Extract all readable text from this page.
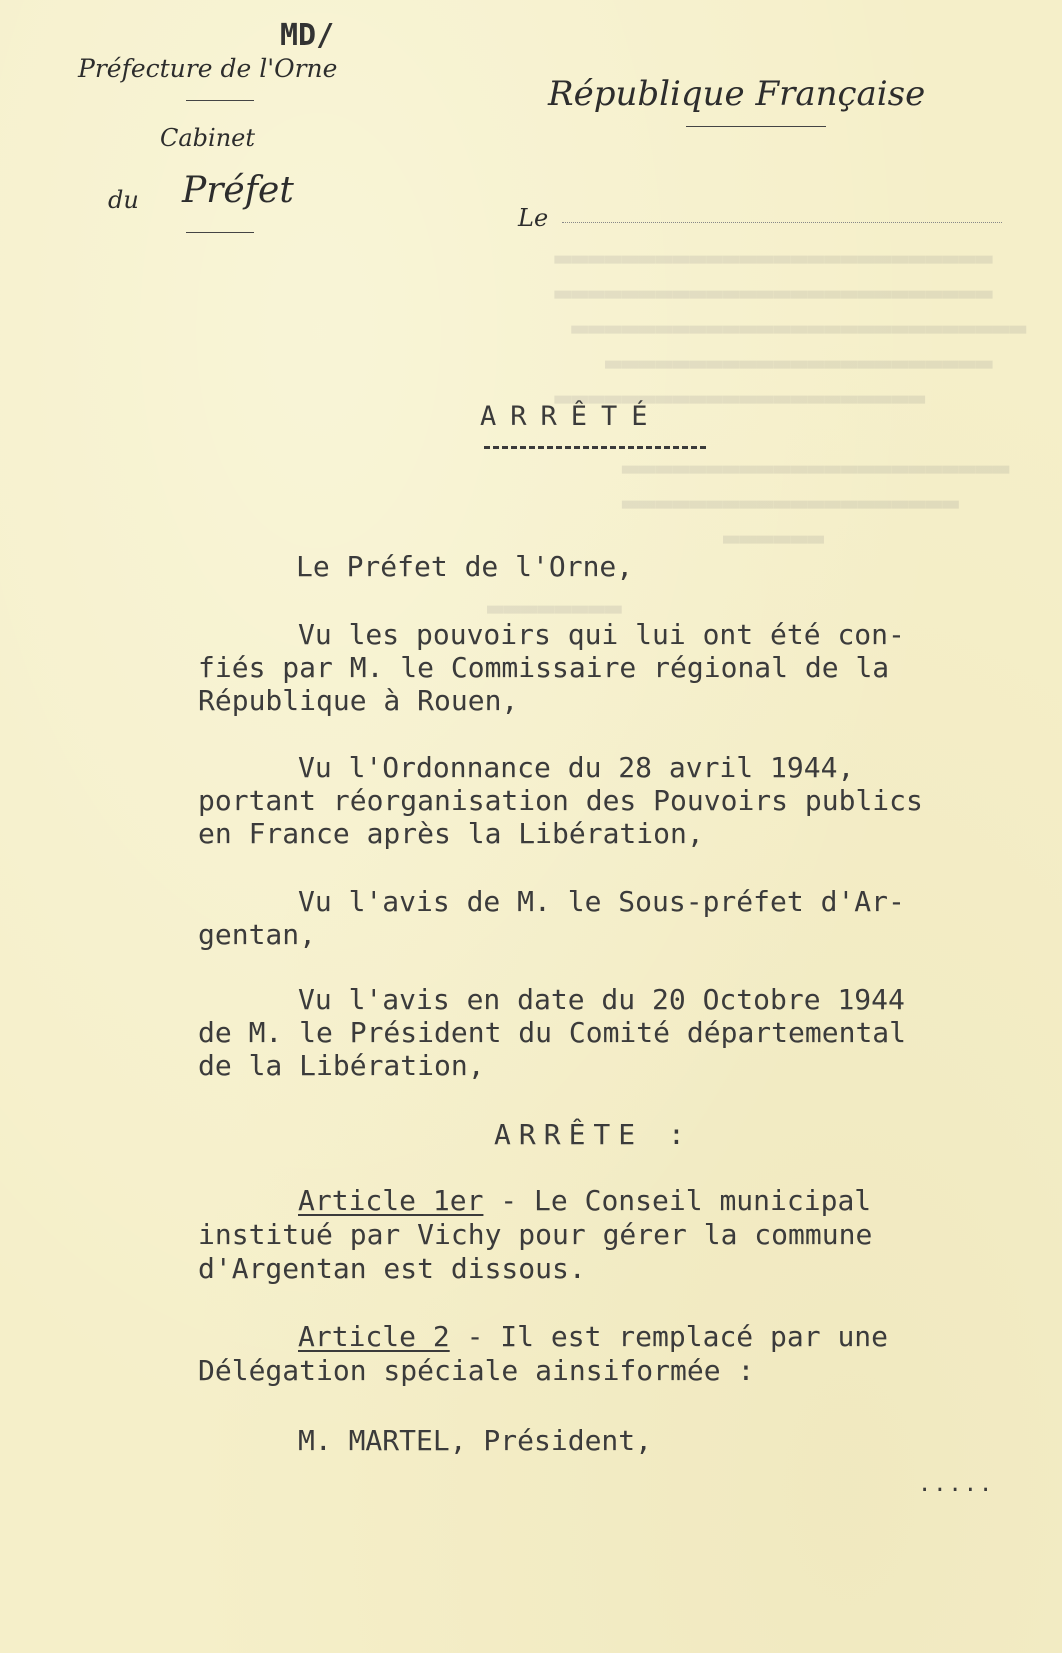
▬▬▬▬▬▬▬▬▬▬▬▬▬▬▬▬▬▬▬▬▬▬▬▬▬▬
▬▬▬▬▬▬▬▬▬▬▬▬▬▬▬▬▬▬▬▬▬▬▬▬▬▬
▬▬▬▬▬▬▬▬▬▬▬▬▬▬▬▬▬▬▬▬▬▬▬▬▬▬▬
▬▬▬▬▬▬▬▬▬▬▬▬▬▬▬▬▬▬▬▬▬▬▬
▬▬▬▬▬▬▬▬▬▬▬▬▬▬▬▬▬▬▬▬▬▬

▬▬▬▬▬▬▬▬▬▬▬▬▬▬▬▬▬▬▬▬▬▬▬
▬▬▬▬▬▬▬▬▬▬▬▬▬▬▬▬▬▬▬▬
▬▬▬▬▬▬

▬▬▬▬▬▬▬▬

MD/
Préfecture de l'Orne
Cabinet
du Préfet
République Française
Le
ARRÊTÉ
Le Préfet de l'Orne,
Vu les pouvoirs qui lui ont été con-
fiés par M. le Commissaire régional de la
République à Rouen,
Vu l'Ordonnance du 28 avril 1944,
portant réorganisation des Pouvoirs publics
en France après la Libération,
Vu l'avis de M. le Sous-préfet d'Ar-
gentan,
Vu l'avis en date du 20 Octobre 1944
de M. le Président du Comité départemental
de la Libération,
ARRÊTE :
Article 1er - Le Conseil municipal
institué par Vichy pour gérer la commune
d'Argentan est dissous.
Article 2 - Il est remplacé par une
Délégation spéciale ainsiformée :
M. MARTEL, Président,
.....
